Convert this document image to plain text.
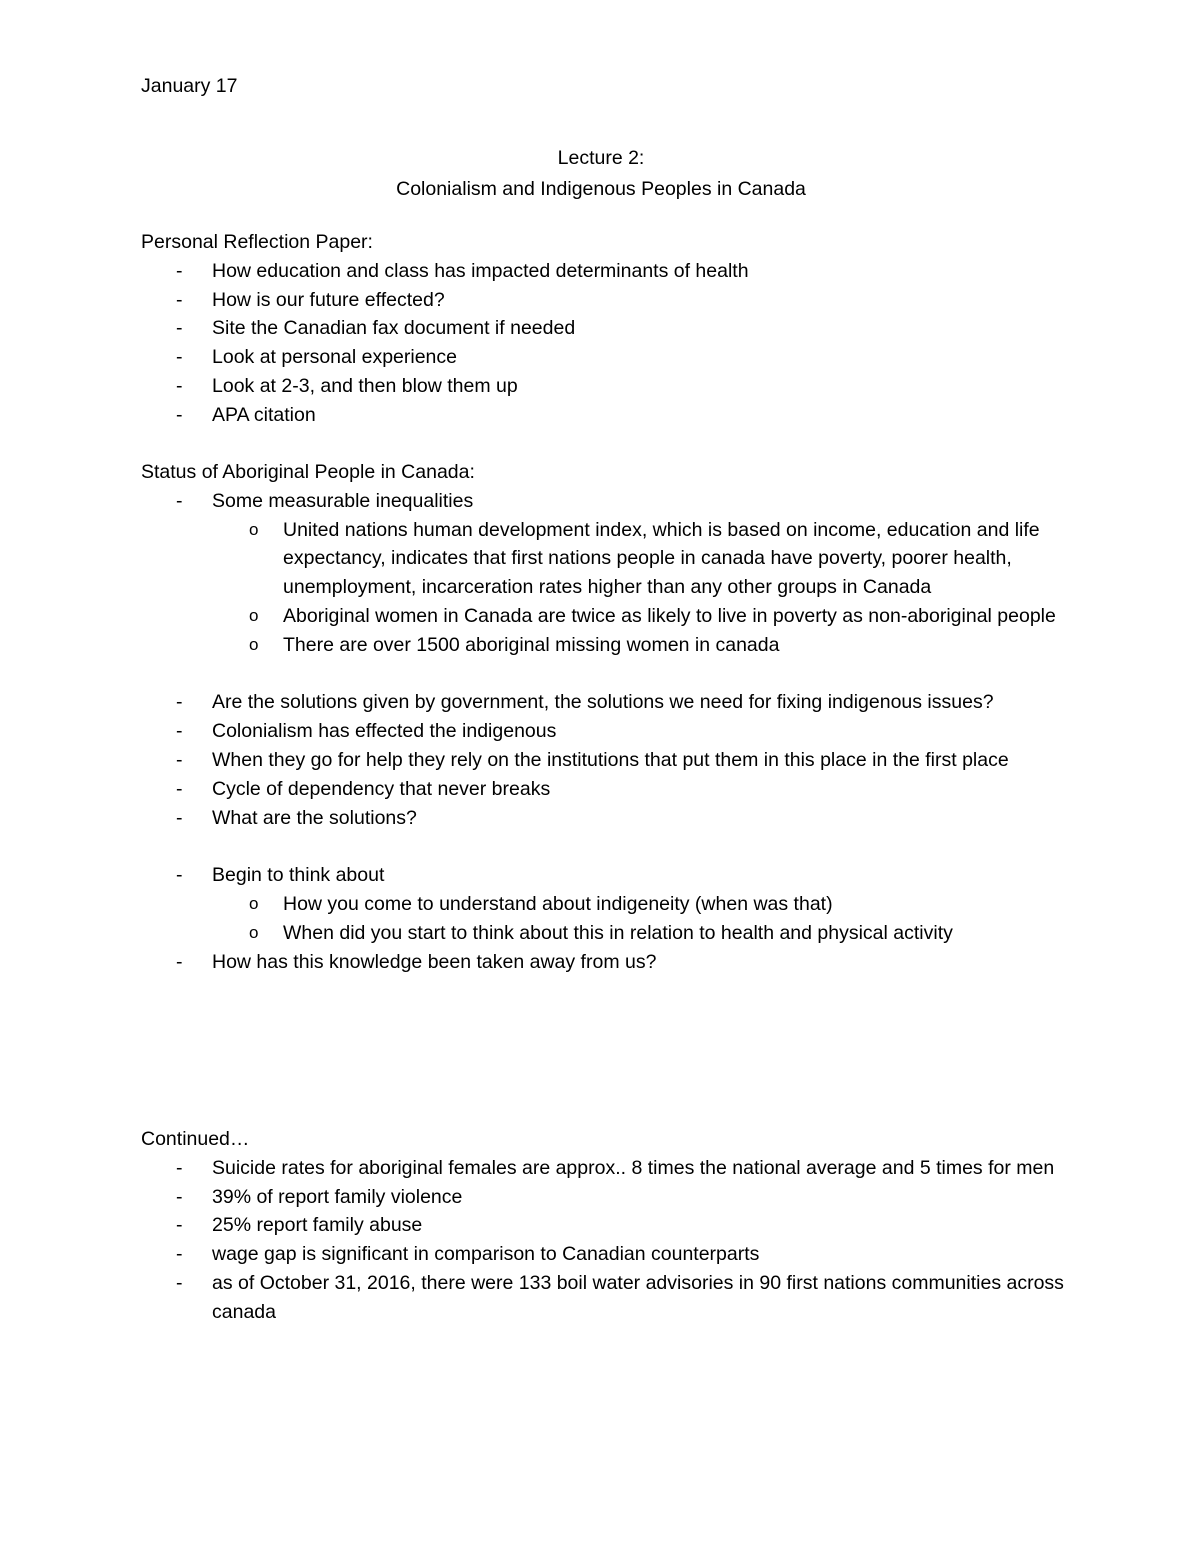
January 17
Lecture 2:
Colonialism and Indigenous Peoples in Canada
Personal Reflection Paper:
- How education and class has impacted determinants of health
- How is our future effected?
- Site the Canadian fax document if needed
- Look at personal experience
- Look at 2-3, and then blow them up
- APA citation
Status of Aboriginal People in Canada:
- Some measurable inequalities
o United nations human development index, which is based on income, education and life expectancy, indicates that first nations people in canada have poverty, poorer health, unemployment, incarceration rates higher than any other groups in Canada
o Aboriginal women in Canada are twice as likely to live in poverty as non-aboriginal people
o There are over 1500 aboriginal missing women in canada
- Are the solutions given by government, the solutions we need for fixing indigenous issues?
- Colonialism has effected the indigenous
- When they go for help they rely on the institutions that put them in this place in the first place
- Cycle of dependency that never breaks
- What are the solutions?
- Begin to think about
o How you come to understand about indigeneity (when was that)
o When did you start to think about this in relation to health and physical activity
- How has this knowledge been taken away from us?
Continued…
- Suicide rates for aboriginal females are approx.. 8 times the national average and 5 times for men
- 39% of report family violence
- 25% report family abuse
- wage gap is significant in comparison to Canadian counterparts
- as of October 31, 2016, there were 133 boil water advisories in 90 first nations communities across canada
